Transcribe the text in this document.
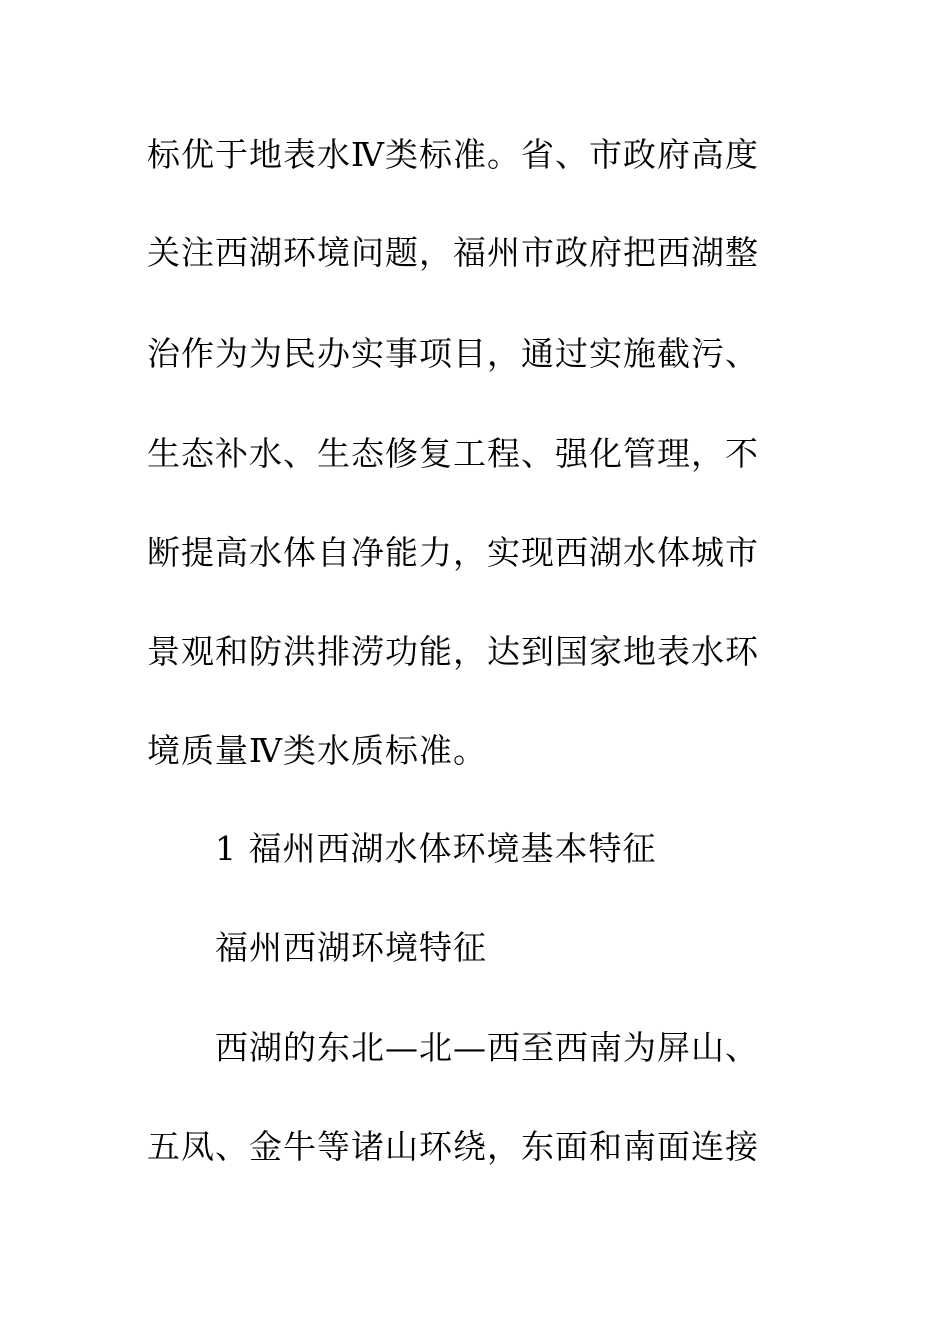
标优于地表水Ⅳ类标准。省、市政府高度
关注西湖环境问题，福州市政府把西湖整
治作为为民办实事项目，通过实施截污、
生态补水、生态修复工程、强化管理，不
断提高水体自净能力，实现西湖水体城市
景观和防洪排涝功能，达到国家地表水环
境质量Ⅳ类水质标准。
1 福州西湖水体环境基本特征
福州西湖环境特征
西湖的东北—北—西至西南为屏山、
五凤、金牛等诸山环绕，东面和南面连接
